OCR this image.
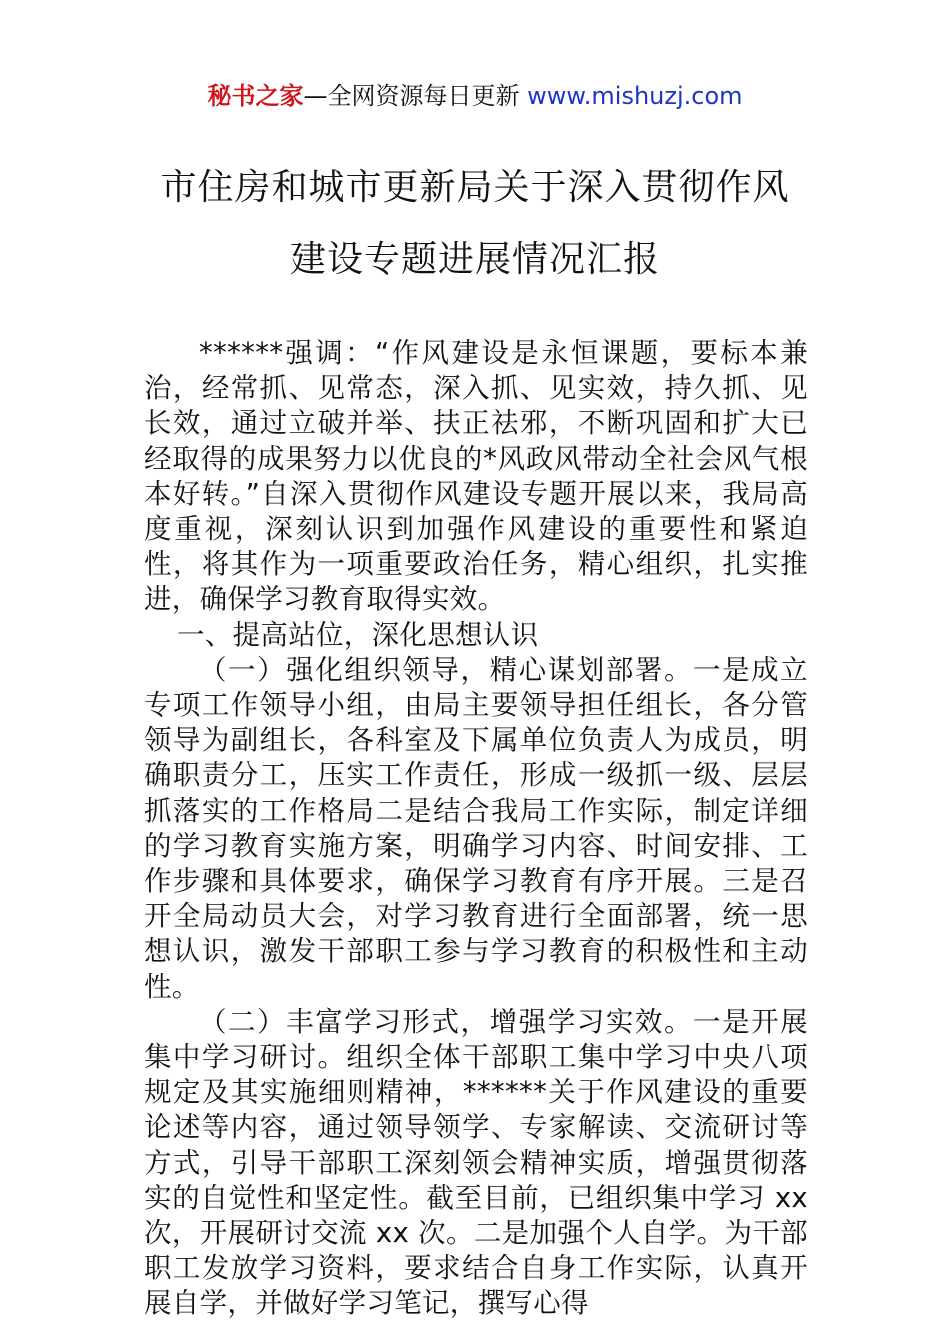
秘书之家—全网资源每日更新 www.mishuzj.com
市住房和城市更新局关于深入贯彻作风
建设专题进展情况汇报

******强调：“作风建设是永恒课题，要标本兼治，经常抓、见常态，深入抓、见实效，持久抓、见长效，通过立破并举、扶正祛邪，不断巩固和扩大已经取得的成果努力以优良的*风政风带动全社会风气根本好转。”自深入贯彻作风建设专题开展以来，我局高度重视，深刻认识到加强作风建设的重要性和紧迫性，将其作为一项重要政治任务，精心组织，扎实推进，确保学习教育取得实效。

一、提高站位，深化思想认识

（一）强化组织领导，精心谋划部署。一是成立专项工作领导小组，由局主要领导担任组长，各分管领导为副组长，各科室及下属单位负责人为成员，明确职责分工，压实工作责任，形成一级抓一级、层层抓落实的工作格局二是结合我局工作实际，制定详细的学习教育实施方案，明确学习内容、时间安排、工作步骤和具体要求，确保学习教育有序开展。三是召开全局动员大会，对学习教育进行全面部署，统一思想认识，激发干部职工参与学习教育的积极性和主动性。

（二）丰富学习形式，增强学习实效。一是开展集中学习研讨。组织全体干部职工集中学习中央八项规定及其实施细则精神，******关于作风建设的重要论述等内容，通过领导领学、专家解读、交流研讨等方式，引导干部职工深刻领会精神实质，增强贯彻落实的自觉性和坚定性。截至目前，已组织集中学习 xx 次，开展研讨交流 xx 次。二是加强个人自学。为干部职工发放学习资料，要求结合自身工作实际，认真开展自学，并做好学习笔记，撰写心得
